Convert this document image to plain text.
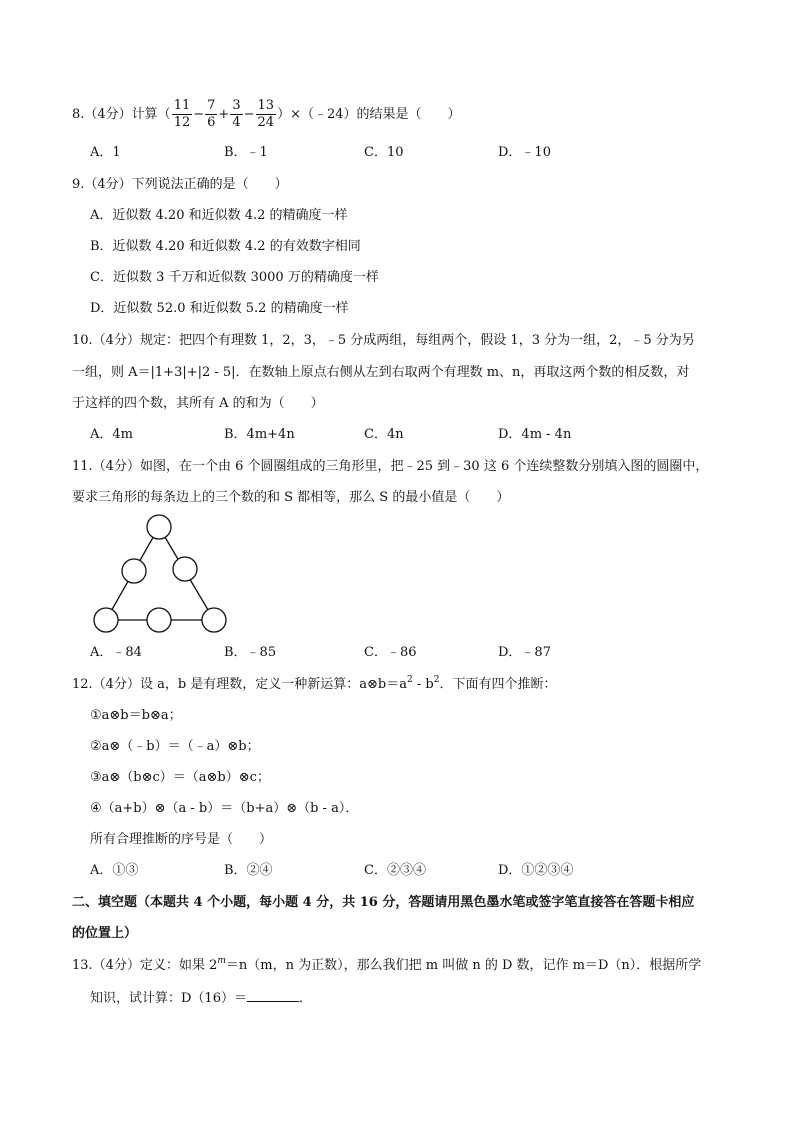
8.（4分）计算（ $\frac{11}{12} - \frac{7}{6} + \frac{3}{4} - \frac{13}{24}$ ）×（﹣24）的结果是（　　）
A．1	B．﹣1	C．10	D．﹣10
9.（4分）下列说法正确的是（　　）
A．近似数 4.20 和近似数 4.2 的精确度一样
B．近似数 4.20 和近似数 4.2 的有效数字相同
C．近似数 3 千万和近似数 3000 万的精确度一样
D．近似数 52.0 和近似数 5.2 的精确度一样
10.（4分）规定：把四个有理数 1，2，3，﹣5 分成两组，每组两个，假设 1，3 分为一组，2，﹣5 分为另
一组，则 A＝|1+3|+|2 - 5|．在数轴上原点右侧从左到右取两个有理数 m、n，再取这两个数的相反数，对
于这样的四个数，其所有 A 的和为（　　）
A．4m	B．4m+4n	C．4n	D．4m - 4n
11.（4分）如图，在一个由 6 个圆圈组成的三角形里，把﹣25 到﹣30 这 6 个连续整数分别填入图的圆圈中，
要求三角形的每条边上的三个数的和 S 都相等，那么 S 的最小值是（　　）
A．﹣84	B．﹣85	C．﹣86	D．﹣87
12.（4分）设 a，b 是有理数，定义一种新运算：$a\otimes b=a^2 - b^2$．下面有四个推断：
①a⊗b＝b⊗a；
②a⊗（﹣b）＝（﹣a）⊗b；
③a⊗（b⊗c）＝（a⊗b）⊗c；
④（a+b）⊗（a - b）＝（b+a）⊗（b - a）．
所有合理推断的序号是（　　）
A．①③	B．②④	C．②③④	D．①②③④
二、填空题（本题共 4 个小题，每小题 4 分，共 16 分，答题请用黑色墨水笔或签字笔直接答在答题卡相应
的位置上）
13.（4分）定义：如果 $2^m=n(m$，n 为正数），那么我们把 m 叫做 n 的 D 数，记作 m＝D（n）．根据所学
知识，试计算：D（16）＝	．
